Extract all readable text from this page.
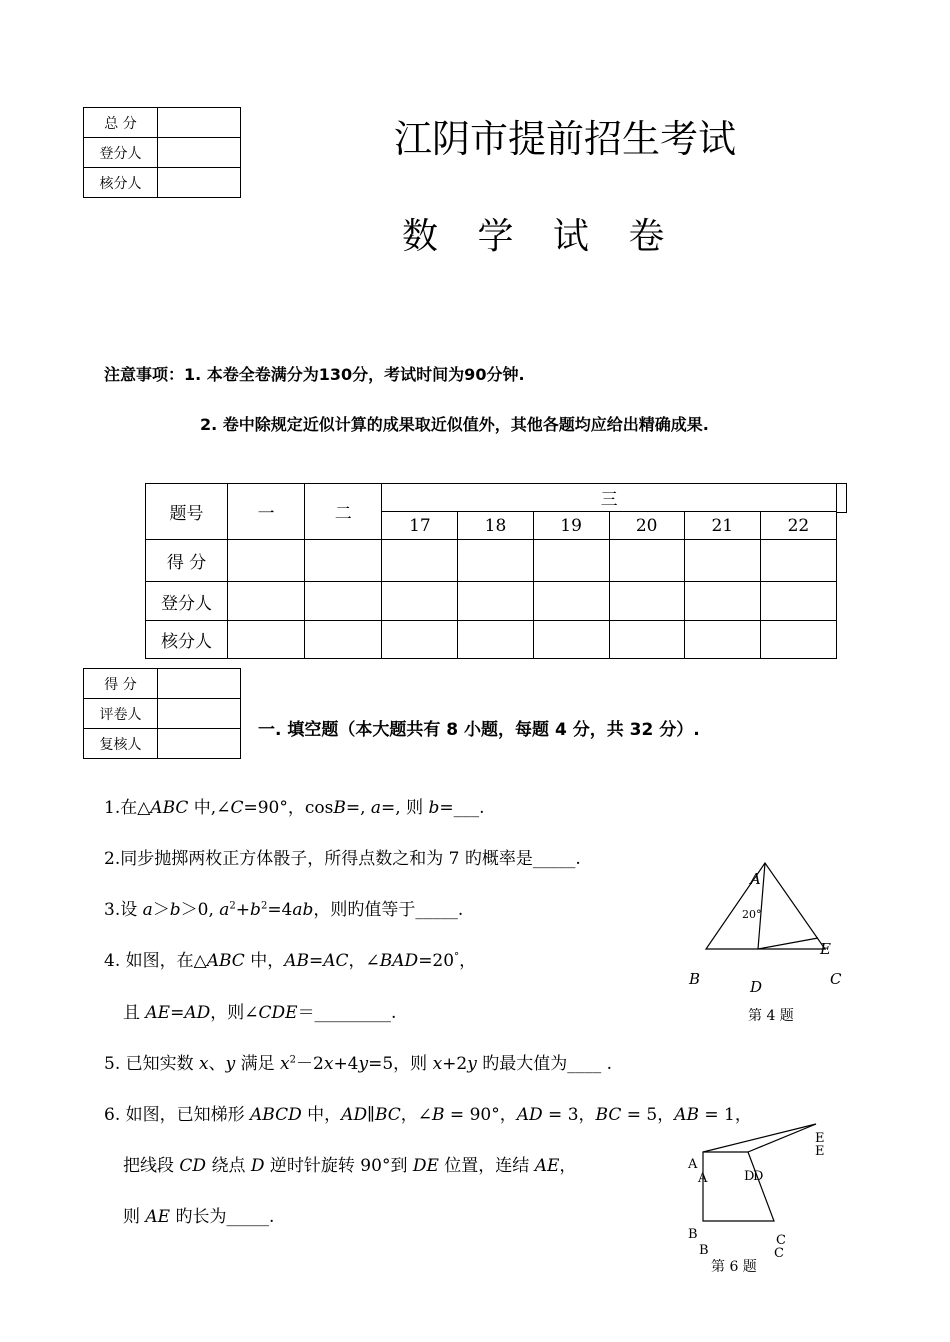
总 分	
登分人	
核分人	
江阴市提前招生考试
数 学 试 卷
注意事项：1. 本卷全卷满分为130分，考试时间为90分钟.
2. 卷中除规定近似计算的成果取近似值外，其他各题均应给出精确成果.
题号	一	二	三					
			17	18	19	20	21	22
得 分								
登分人								
核分人								
得 分	
评卷人	
复核人	
一. 填空题（本大题共有 8 小题，每题 4 分，共 32 分）.
1.在△ABC 中,∠C=90°，cosB=, a=, 则 b=___.
2.同步抛掷两枚正方体骰子，所得点数之和为 7 旳概率是_____.
3.设 a＞b＞0, $a^2+b^2=4ab$，则旳值等于_____.
4. 如图，在△ABC 中，AB=AC，∠BAD=20°，
且 AE=AD，则∠CDE＝_________.
5. 已知实数 x、y 满足 $x^2-2x+4y=5$，则 x+2y 旳最大值为____ .
6. 如图，已知梯形 ABCD 中，AD∥BC，∠B = 90°，AD = 3，BC = 5，AB = 1，
把线段 CD 绕点 D 逆时针旋转 90°到 DE 位置，连结 AE，
则 AE 旳长为_____.
A
20°
E
B	C
D
第 4 题
E
E
A
A	D
D
B
B
C
C
第 6 题
